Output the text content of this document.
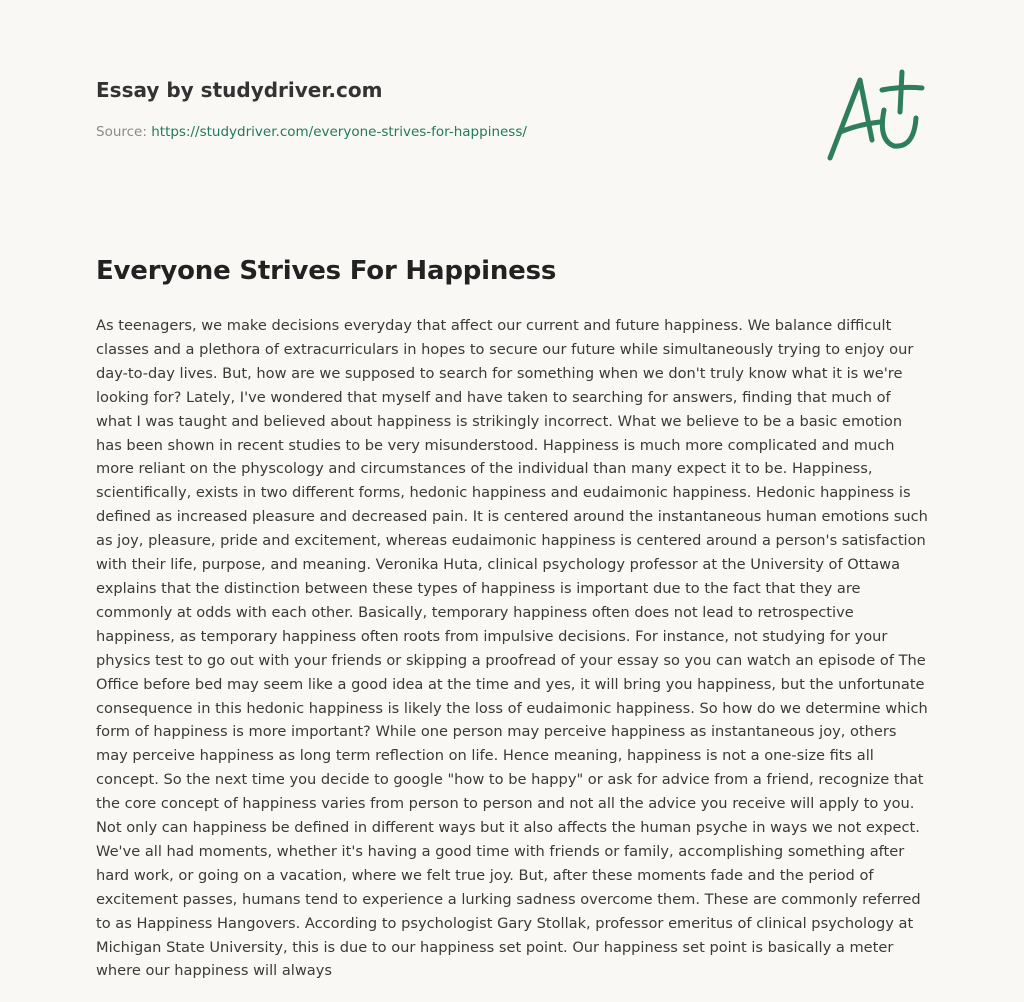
Essay by studydriver.com
Source: https://studydriver.com/everyone-strives-for-happiness/
Everyone Strives For Happiness

As teenagers, we make decisions everyday that affect our current and future happiness. We balance difficult classes and a plethora of extracurriculars in hopes to secure our future while simultaneously trying to enjoy our day-to-day lives. But, how are we supposed to search for something when we don't truly know what it is we're looking for? Lately, I've wondered that myself and have taken to searching for answers, finding that much of what I was taught and believed about happiness is strikingly incorrect. What we believe to be a basic emotion has been shown in recent studies to be very misunderstood. Happiness is much more complicated and much more reliant on the physcology and circumstances of the individual than many expect it to be. Happiness, scientifically, exists in two different forms, hedonic happiness and eudaimonic happiness. Hedonic happiness is defined as increased pleasure and decreased pain. It is centered around the instantaneous human emotions such as joy, pleasure, pride and excitement, whereas eudaimonic happiness is centered around a person's satisfaction with their life, purpose, and meaning. Veronika Huta, clinical psychology professor at the University of Ottawa explains that the distinction between these types of happiness is important due to the fact that they are commonly at odds with each other. Basically, temporary happiness often does not lead to retrospective happiness, as temporary happiness often roots from impulsive decisions. For instance, not studying for your physics test to go out with your friends or skipping a proofread of your essay so you can watch an episode of The Office before bed may seem like a good idea at the time and yes, it will bring you happiness, but the unfortunate consequence in this hedonic happiness is likely the loss of eudaimonic happiness. So how do we determine which form of happiness is more important? While one person may perceive happiness as instantaneous joy, others may perceive happiness as long term reflection on life. Hence meaning, happiness is not a one-size fits all concept. So the next time you decide to google "how to be happy" or ask for advice from a friend, recognize that the core concept of happiness varies from person to person and not all the advice you receive will apply to you. Not only can happiness be defined in different ways but it also affects the human psyche in ways we not expect. We've all had moments, whether it's having a good time with friends or family, accomplishing something after hard work, or going on a vacation, where we felt true joy. But, after these moments fade and the period of excitement passes, humans tend to experience a lurking sadness overcome them. These are commonly referred to as Happiness Hangovers. According to psychologist Gary Stollak, professor emeritus of clinical psychology at Michigan State University, this is due to our happiness set point. Our happiness set point is basically a meter where our happiness will always
